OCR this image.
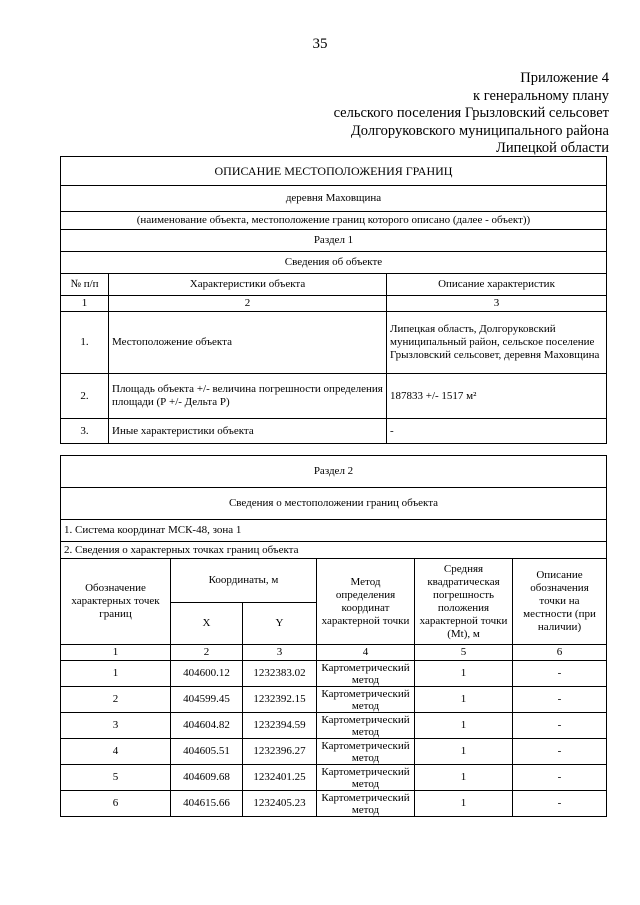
35
Приложение 4
к генеральному плану
сельского поселения Грызловский сельсовет
Долгоруковского муниципального района
Липецкой области
ОПИСАНИЕ МЕСТОПОЛОЖЕНИЯ ГРАНИЦ		
деревня Маховщина		
(наименование объекта, местоположение границ которого описано (далее - объект))		
Раздел 1		
Сведения об объекте		
№ п/п	Характеристики объекта	Описание характеристик
1	2	3
1.	Местоположение объекта	Липецкая область, Долгоруковский муниципальный район, сельское поселение Грызловский сельсовет, деревня Маховщина
2.	Площадь объекта +/- величина погрешности определения площади (Р +/- Дельта Р)	187833 +/- 1517 м²
3.	Иные характеристики объекта	-
Раздел 2					
Сведения о местоположении границ объекта					
1. Система координат МСК-48, зона 1					
2. Сведения о характерных точках границ объекта					
Обозначение характерных точек границ	Координаты, м		Метод определения координат характерной точки	Средняя квадратическая погрешность положения характерной точки (Mt), м	Описание обозначения точки на местности (при наличии)
	X	Y			
1	2	3	4	5	6
1	404600.12	1232383.02	Картометрический метод	1	-
2	404599.45	1232392.15	Картометрический метод	1	-
3	404604.82	1232394.59	Картометрический метод	1	-
4	404605.51	1232396.27	Картометрический метод	1	-
5	404609.68	1232401.25	Картометрический метод	1	-
6	404615.66	1232405.23	Картометрический метод	1	-
